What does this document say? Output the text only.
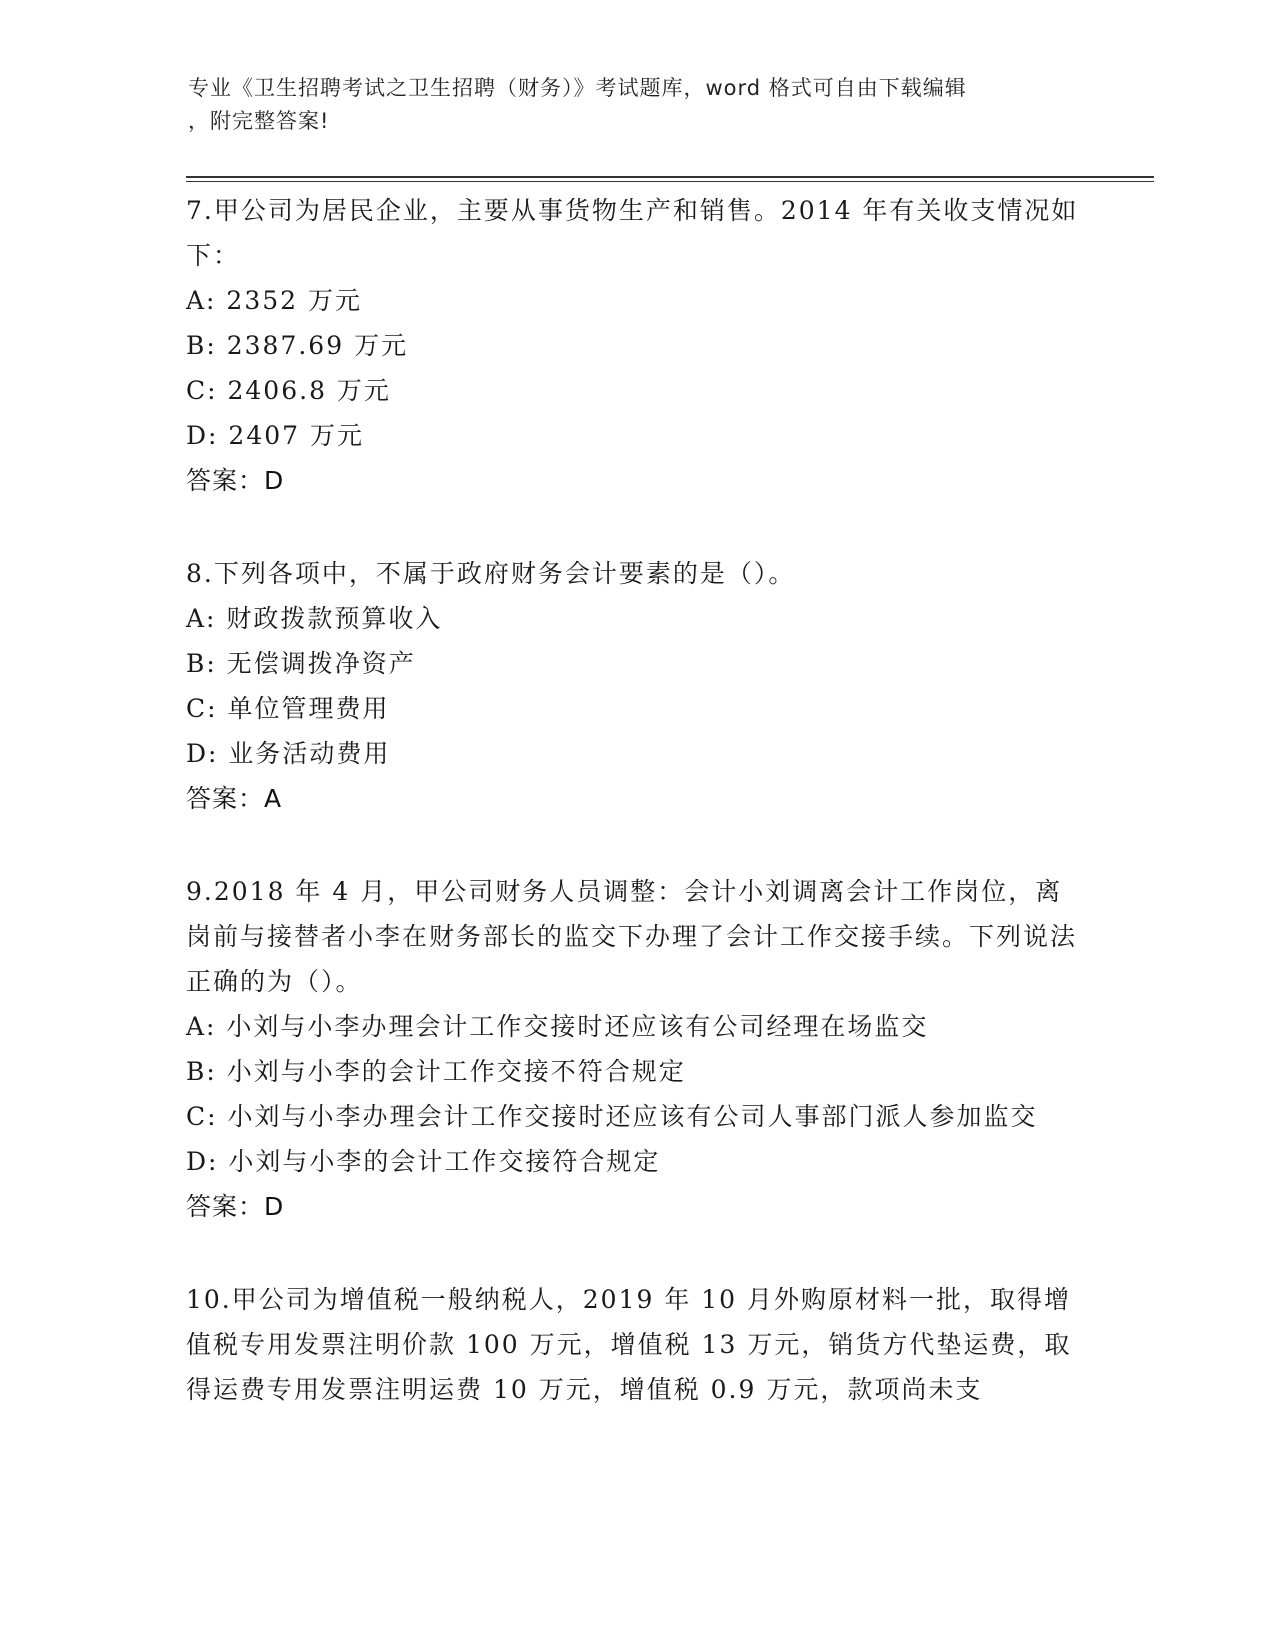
专业《卫生招聘考试之卫生招聘（财务）》考试题库，word 格式可自由下载编辑
，附完整答案!

7.甲公司为居民企业，主要从事货物生产和销售。2014 年有关收支情况如下：

A: 2352 万元

B: 2387.69 万元

C: 2406.8 万元

D: 2407 万元

答案：D

8.下列各项中，不属于政府财务会计要素的是（）。

A: 财政拨款预算收入

B: 无偿调拨净资产

C: 单位管理费用

D: 业务活动费用

答案：A

9.2018 年 4 月，甲公司财务人员调整：会计小刘调离会计工作岗位，离岗前与接替者小李在财务部长的监交下办理了会计工作交接手续。下列说法正确的为（）。

A: 小刘与小李办理会计工作交接时还应该有公司经理在场监交

B: 小刘与小李的会计工作交接不符合规定

C: 小刘与小李办理会计工作交接时还应该有公司人事部门派人参加监交

D: 小刘与小李的会计工作交接符合规定

答案：D

10.甲公司为增值税一般纳税人，2019 年 10 月外购原材料一批，取得增值税专用发票注明价款 100 万元，增值税 13 万元，销货方代垫运费，取得运费专用发票注明运费 10 万元，增值税 0.9 万元，款项尚未支
